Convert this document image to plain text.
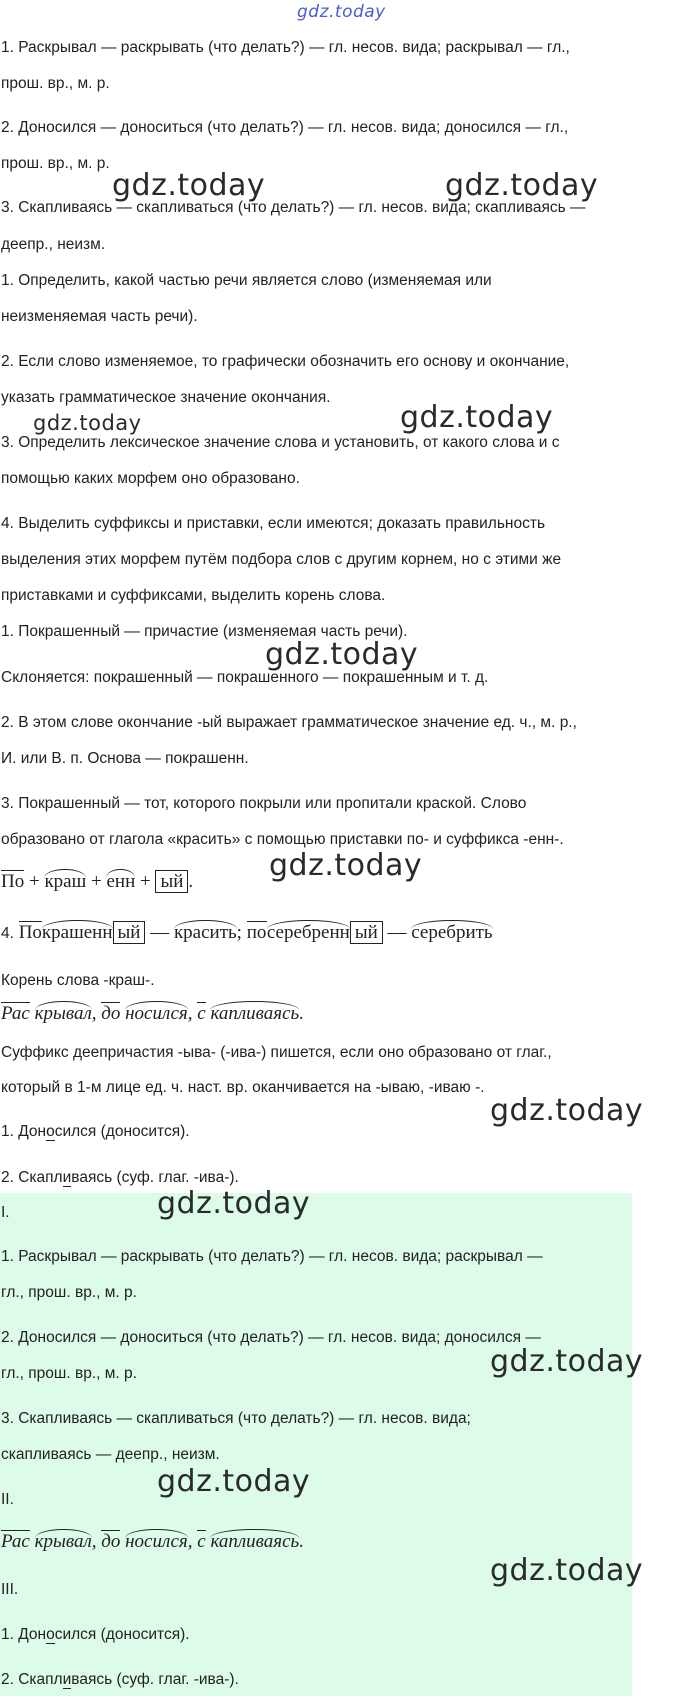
gdz.today
gdz.today	gdz.today
gdz.today	gdz.today
gdz.today
gdz.today
gdz.today
gdz.today
gdz.today
gdz.today
gdz.today
1. Раскрывал — раскрывать (что делать?) — гл. несов. вида; раскрывал — гл.,
прош. вр., м. р.
2. Доносился — доноситься (что делать?) — гл. несов. вида; доносился — гл.,
прош. вр., м. р.
3. Скапливаясь — скапливаться (что делать?) — гл. несов. вида; скапливаясь —
деепр., неизм.
1. Определить, какой частью речи является слово (изменяемая или
неизменяемая часть речи).
2. Если слово изменяемое, то графически обозначить его основу и окончание,
указать грамматическое значение окончания.
3. Определить лексическое значение слова и установить, от какого слова и с
помощью каких морфем оно образовано.
4. Выделить суффиксы и приставки, если имеются; доказать правильность
выделения этих морфем путём подбора слов с другим корнем, но с этими же
приставками и суффиксами, выделить корень слова.
1. Покрашенный — причастие (изменяемая часть речи).
Склоняется: покрашенный — покрашенного — покрашенным и т. д.
2. В этом слове окончание -ый выражает грамматическое значение ед. ч., м. р.,
И. или В. п. Основа — покрашенн.
3. Покрашенный — тот, которого покрыли или пропитали краской. Слово
образовано от глагола «красить» с помощью приставки по- и суффикса -енн-.
По + краш + енн + ый .
4. Покрашенн ый — красить; посеребренн ый — серебрить
Корень слова -краш-.
Рас крывал, до носился, с капливаясь.
Суффикс деепричастия -ыва- (-ива-) пишется, если оно образовано от глаг.,
который в 1-м лице ед. ч. наст. вр. оканчивается на -ываю, -иваю -.
1. Доносился (доносится).
2. Скапливаясь (суф. глаг. -ива-).
I.
1. Раскрывал — раскрывать (что делать?) — гл. несов. вида; раскрывал —
гл., прош. вр., м. р.
2. Доносился — доноситься (что делать?) — гл. несов. вида; доносился —
гл., прош. вр., м. р.
3. Скапливаясь — скапливаться (что делать?) — гл. несов. вида;
скапливаясь — деепр., неизм.
II.
Рас крывал, до носился, с капливаясь.
III.
1. Доносился (доносится).
2. Скапливаясь (суф. глаг. -ива-).
